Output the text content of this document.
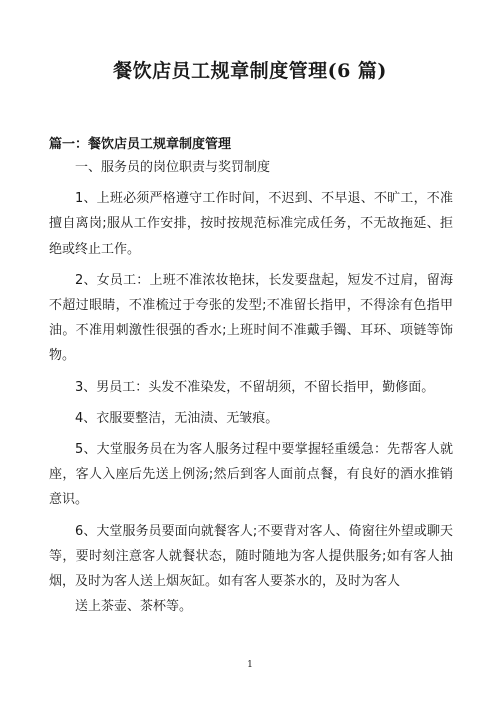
餐饮店员工规章制度管理(6 篇)
篇一：餐饮店员工规章制度管理

一、服务员的岗位职责与奖罚制度

1、上班必须严格遵守工作时间，不迟到、不早退、不旷工，不准擅自离岗;服从工作安排，按时按规范标准完成任务，不无故拖延、拒绝或终止工作。

2、女员工：上班不准浓妆艳抹，长发要盘起，短发不过肩，留海不超过眼睛，不准梳过于夸张的发型;不准留长指甲，不得涂有色指甲油。不准用刺激性很强的香水;上班时间不准戴手镯、耳环、项链等饰物。

3、男员工：头发不准染发，不留胡须，不留长指甲，勤修面。

4、衣服要整洁，无油渍、无皱痕。

5、大堂服务员在为客人服务过程中要掌握轻重缓急：先帮客人就座，客人入座后先送上例汤;然后到客人面前点餐，有良好的酒水推销意识。

6、大堂服务员要面向就餐客人;不要背对客人、倚窗往外望或聊天等，要时刻注意客人就餐状态，随时随地为客人提供服务;如有客人抽烟，及时为客人送上烟灰缸。如有客人要茶水的，及时为客人

送上茶壶、茶杯等。

1
